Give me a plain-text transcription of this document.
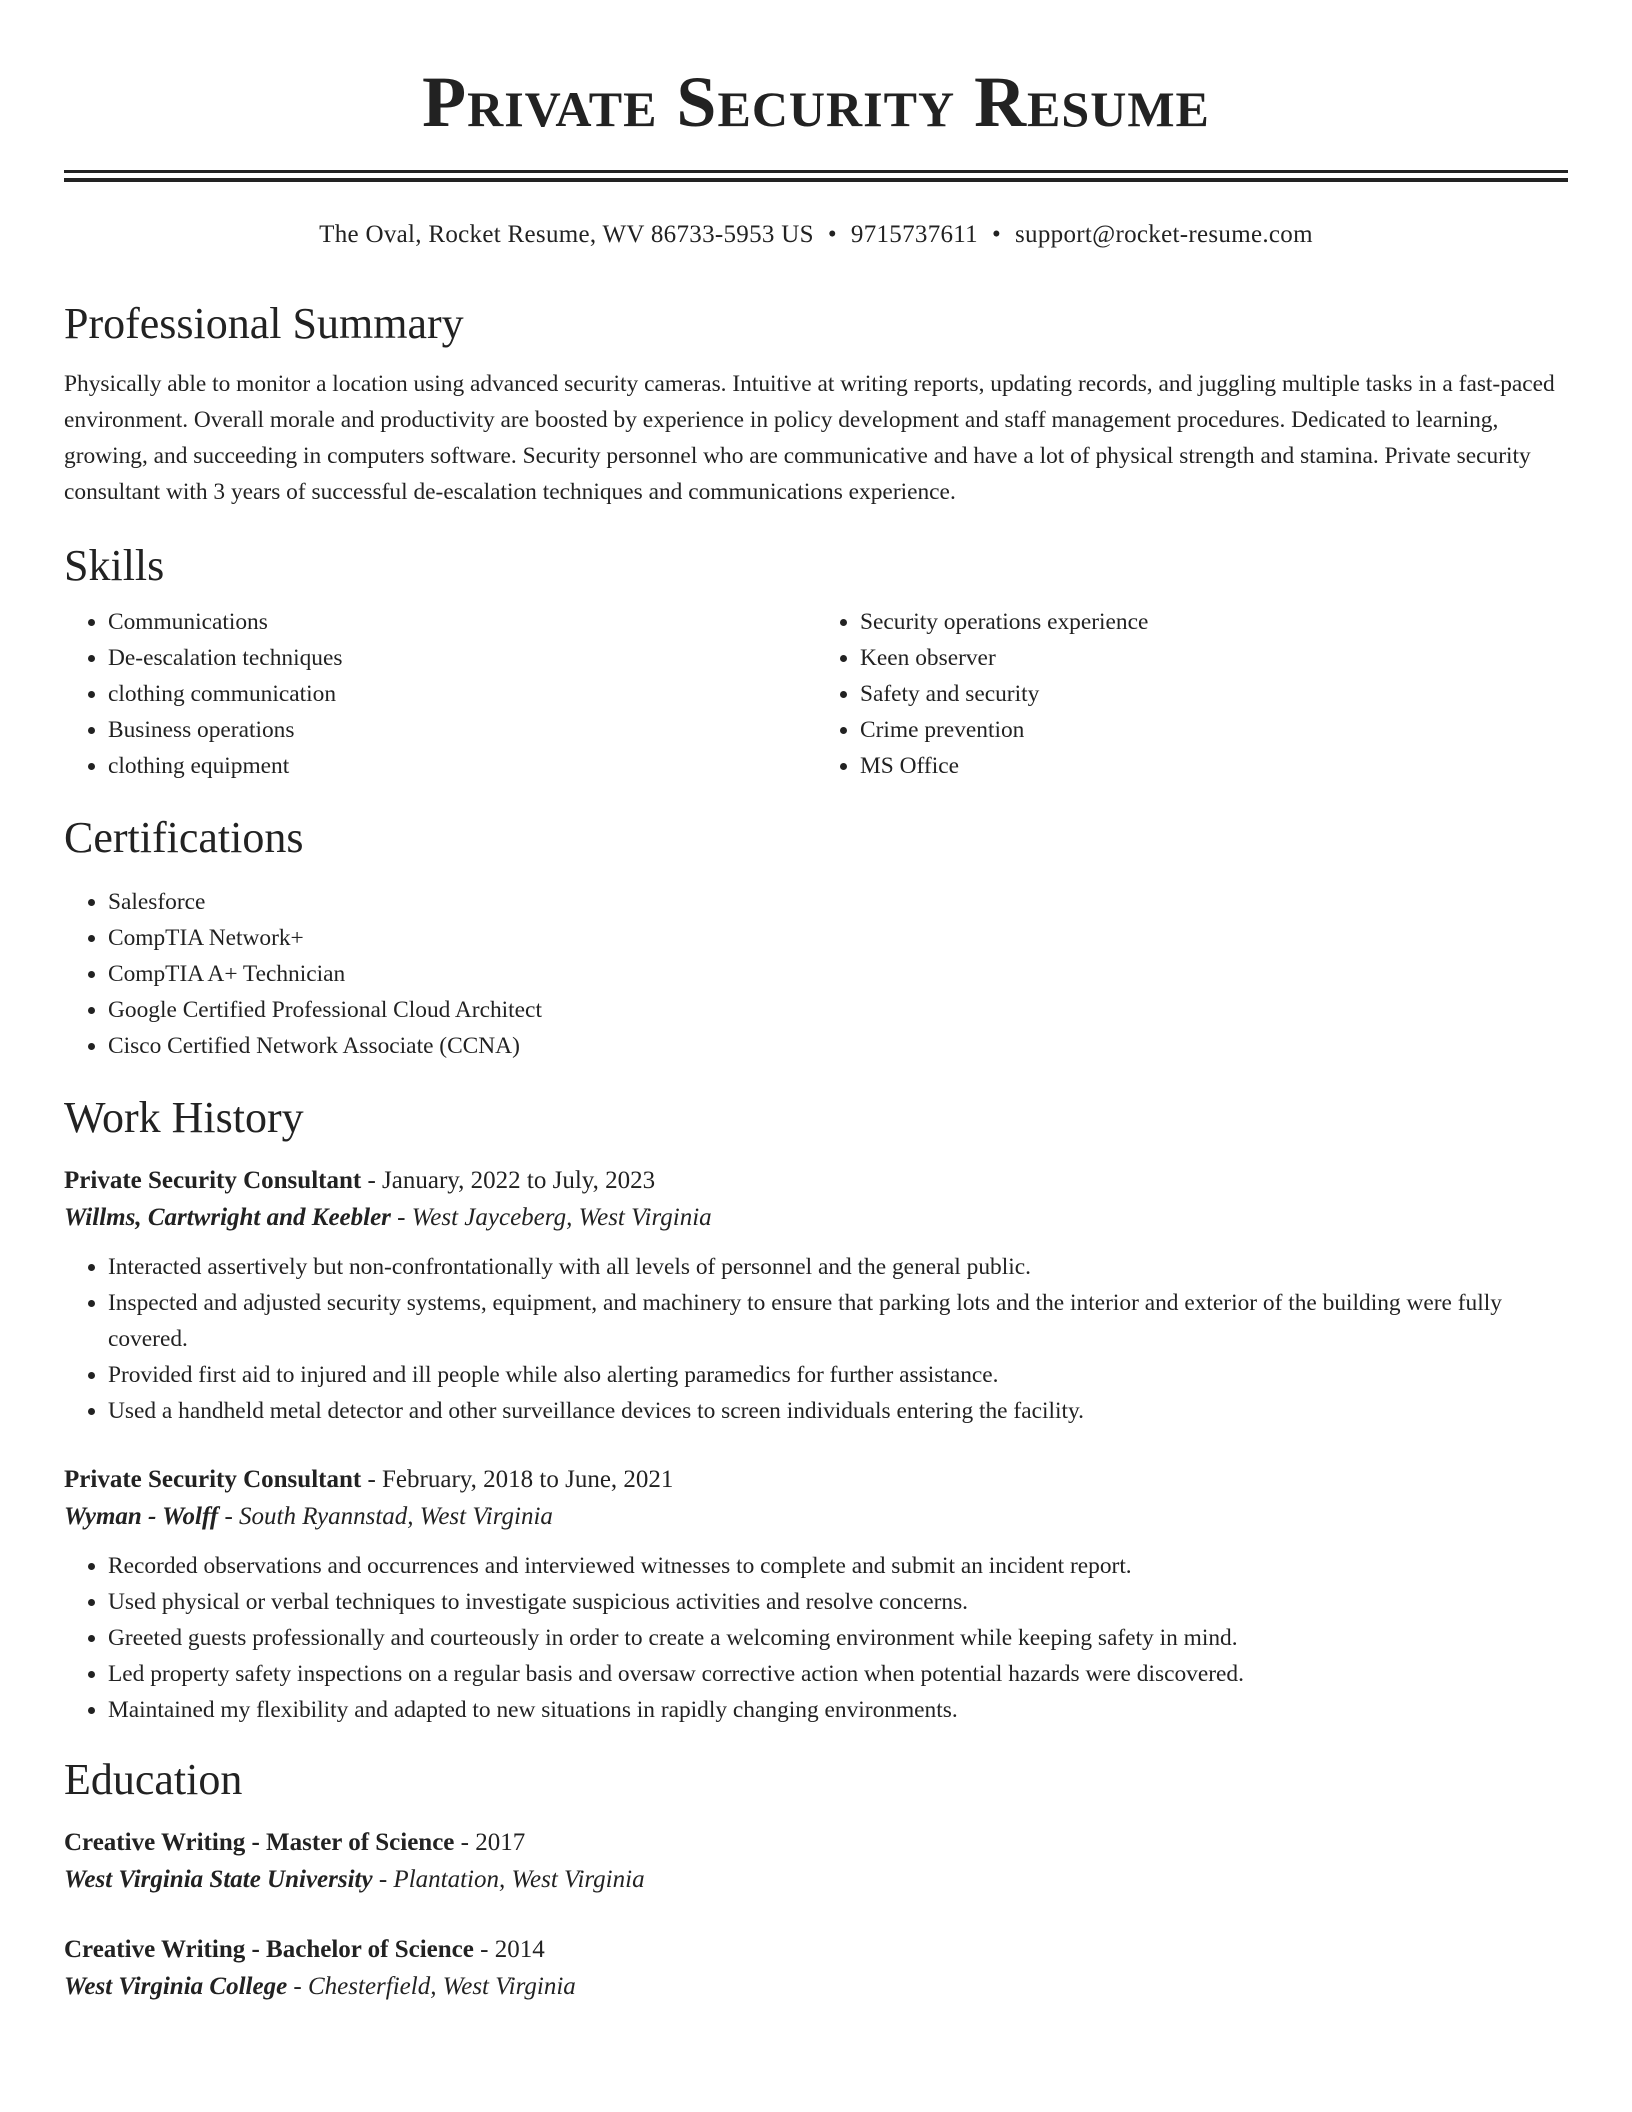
Private Security Resume
The Oval, Rocket Resume, WV 86733-5953 US • 9715737611 • support@rocket-resume.com
Professional Summary
Physically able to monitor a location using advanced security cameras. Intuitive at writing reports, updating records, and juggling multiple tasks in a fast-paced environment. Overall morale and productivity are boosted by experience in policy development and staff management procedures. Dedicated to learning, growing, and succeeding in computers software. Security personnel who are communicative and have a lot of physical strength and stamina. Private security consultant with 3 years of successful de-escalation techniques and communications experience.
Skills
• Communications
• De-escalation techniques
• clothing communication
• Business operations
• clothing equipment
• Security operations experience
• Keen observer
• Safety and security
• Crime prevention
• MS Office
Certifications
• Salesforce
• CompTIA Network+
• CompTIA A+ Technician
• Google Certified Professional Cloud Architect
• Cisco Certified Network Associate (CCNA)
Work History
Private Security Consultant - January, 2022 to July, 2023
Willms, Cartwright and Keebler - West Jayceberg, West Virginia
• Interacted assertively but non-confrontationally with all levels of personnel and the general public.
• Inspected and adjusted security systems, equipment, and machinery to ensure that parking lots and the interior and exterior of the building were fully covered.
• Provided first aid to injured and ill people while also alerting paramedics for further assistance.
• Used a handheld metal detector and other surveillance devices to screen individuals entering the facility.
Private Security Consultant - February, 2018 to June, 2021
Wyman - Wolff - South Ryannstad, West Virginia
• Recorded observations and occurrences and interviewed witnesses to complete and submit an incident report.
• Used physical or verbal techniques to investigate suspicious activities and resolve concerns.
• Greeted guests professionally and courteously in order to create a welcoming environment while keeping safety in mind.
• Led property safety inspections on a regular basis and oversaw corrective action when potential hazards were discovered.
• Maintained my flexibility and adapted to new situations in rapidly changing environments.
Education
Creative Writing - Master of Science - 2017
West Virginia State University - Plantation, West Virginia
Creative Writing - Bachelor of Science - 2014
West Virginia College - Chesterfield, West Virginia
